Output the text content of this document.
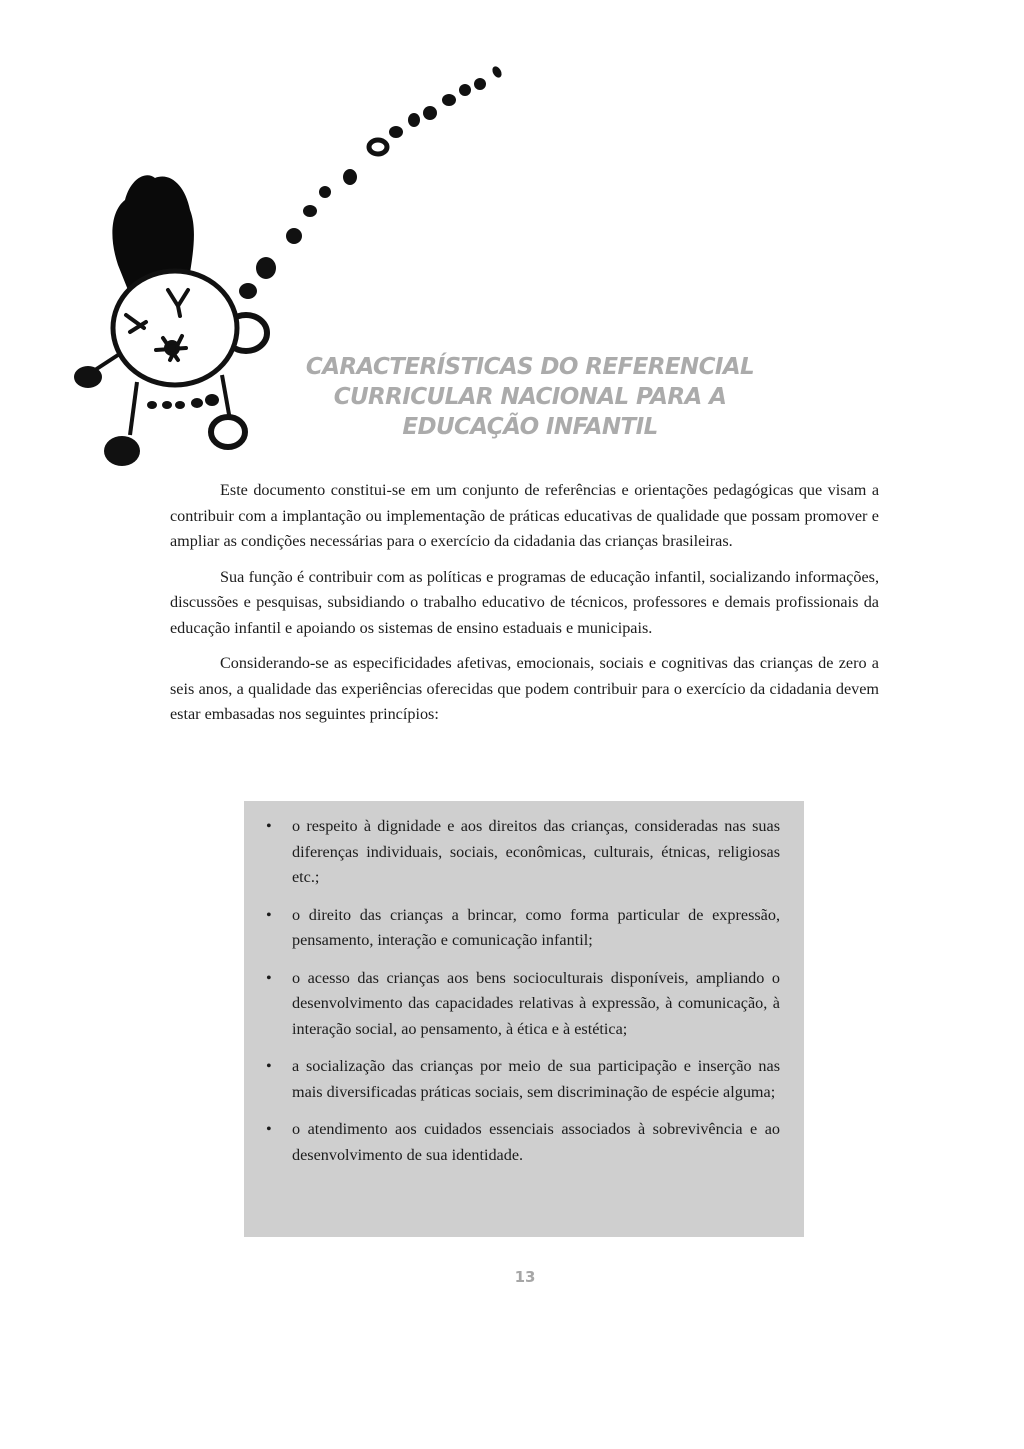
CARACTERÍSTICAS DO REFERENCIAL
CURRICULAR NACIONAL PARA A
EDUCAÇÃO INFANTIL

Este documento constitui-se em um conjunto de referências e orientações pedagógicas que visam a contribuir com a implantação ou implementação de práticas educativas de qualidade que possam promover e ampliar as condições necessárias para o exercício da cidadania das crianças brasileiras.

Sua função é contribuir com as políticas e programas de educação infantil, socializando informações, discussões e pesquisas, subsidiando o trabalho educativo de técnicos, professores e demais profissionais da educação infantil e apoiando os sistemas de ensino estaduais e municipais.

Considerando-se as especificidades afetivas, emocionais, sociais e cognitivas das crianças de zero a seis anos, a qualidade das experiências oferecidas que podem contribuir para o exercício da cidadania devem estar embasadas nos seguintes princípios:

• o respeito à dignidade e aos direitos das crianças, consideradas nas suas diferenças individuais, sociais, econômicas, culturais, étnicas, religiosas etc.;
• o direito das crianças a brincar, como forma particular de expressão, pensamento, interação e comunicação infantil;
• o acesso das crianças aos bens socioculturais disponíveis, ampliando o desenvolvimento das capacidades relativas à expressão, à comunicação, à interação social, ao pensamento, à ética e à estética;
• a socialização das crianças por meio de sua participação e inserção nas mais diversificadas práticas sociais, sem discriminação de espécie alguma;
• o atendimento aos cuidados essenciais associados à sobrevivência e ao desenvolvimento de sua identidade.
13
